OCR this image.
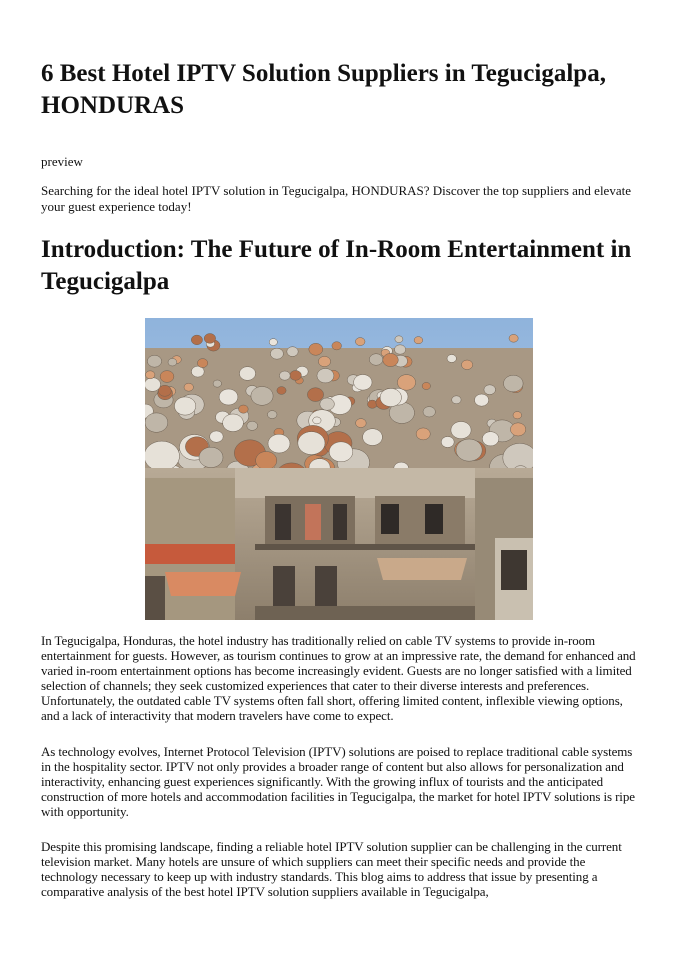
6 Best Hotel IPTV Solution Suppliers in Tegucigalpa, HONDURAS
preview

Searching for the ideal hotel IPTV solution in Tegucigalpa, HONDURAS? Discover the top suppliers and elevate your guest experience today!

Introduction: The Future of In-Room Entertainment in Tegucigalpa

In Tegucigalpa, Honduras, the hotel industry has traditionally relied on cable TV systems to provide in-room entertainment for guests. However, as tourism continues to grow at an impressive rate, the demand for enhanced and varied in-room entertainment options has become increasingly evident. Guests are no longer satisfied with a limited selection of channels; they seek customized experiences that cater to their diverse interests and preferences. Unfortunately, the outdated cable TV systems often fall short, offering limited content, inflexible viewing options, and a lack of interactivity that modern travelers have come to expect.

As technology evolves, Internet Protocol Television (IPTV) solutions are poised to replace traditional cable systems in the hospitality sector. IPTV not only provides a broader range of content but also allows for personalization and interactivity, enhancing guest experiences significantly. With the growing influx of tourists and the anticipated construction of more hotels and accommodation facilities in Tegucigalpa, the market for hotel IPTV solutions is ripe with opportunity.

Despite this promising landscape, finding a reliable hotel IPTV solution supplier can be challenging in the current television market. Many hotels are unsure of which suppliers can meet their specific needs and provide the technology necessary to keep up with industry standards. This blog aims to address that issue by presenting a comparative analysis of the best hotel IPTV solution suppliers available in Tegucigalpa,
